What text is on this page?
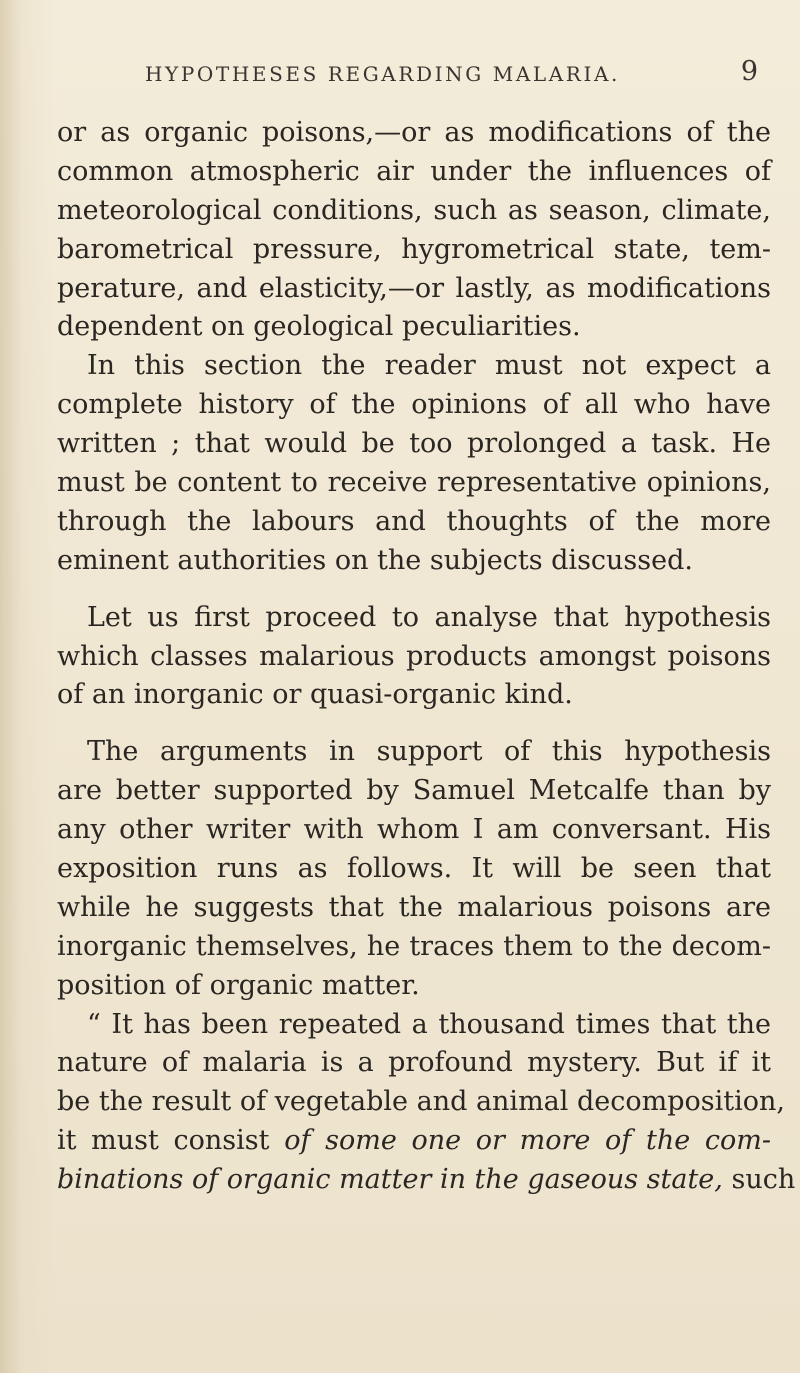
HYPOTHESES REGARDING MALARIA.	9
or as organic poisons,—or as modifications of the
common atmospheric air under the influences of
meteorological conditions, such as season, climate,
barometrical pressure, hygrometrical state, tem-
perature, and elasticity,—or lastly, as modifications
dependent on geological peculiarities.
In this section the reader must not expect a
complete history of the opinions of all who have
written ; that would be too prolonged a task. He
must be content to receive representative opinions,
through the labours and thoughts of the more
eminent authorities on the subjects discussed.
Let us first proceed to analyse that hypothesis
which classes malarious products amongst poisons
of an inorganic or quasi-organic kind.
The arguments in support of this hypothesis
are better supported by Samuel Metcalfe than by
any other writer with whom I am conversant. His
exposition runs as follows. It will be seen that
while he suggests that the malarious poisons are
inorganic themselves, he traces them to the decom-
position of organic matter.
“ It has been repeated a thousand times that the
nature of malaria is a profound mystery. But if it
be the result of vegetable and animal decomposition,
it must consist of some one or more of the com-
binations of organic matter in the gaseous state, such
